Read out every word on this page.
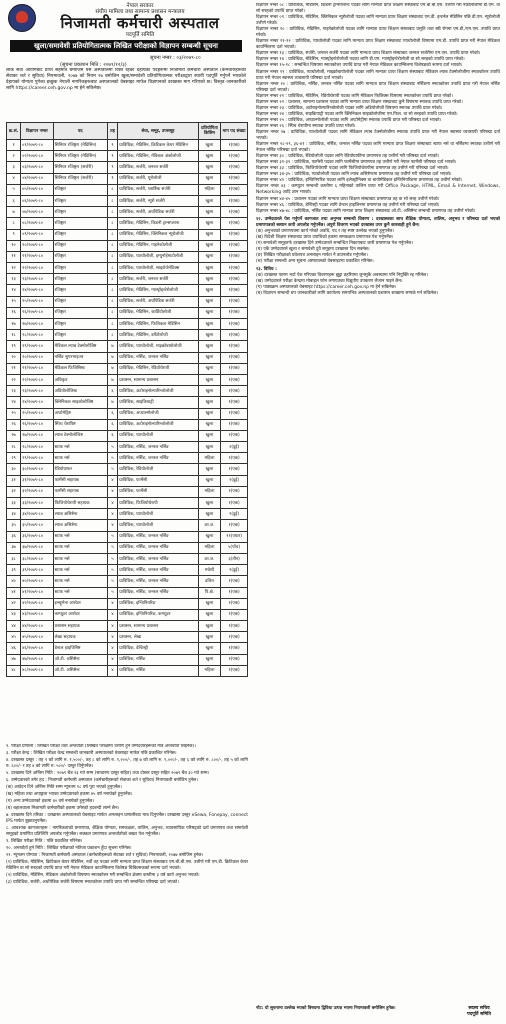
नेपाल सरकार
संघीय मामिला तथा सामान्य प्रशासन मन्त्रालय
निजामती कर्मचारी अस्पताल
पदपूर्ति समिति
खुला/समावेशी प्रतियोगितात्मक लिखित परीक्षाको विज्ञापन सम्बन्धी सूचना
सूचना नम्बर : ०३/२०७९-८०
(सूचना प्रकाशन मिति : २०७९/१२/३)
लोक सेवा आयोगबाट प्राप्त सहमति बमोजिम यस अस्पतालमा रिक्त रहेका देहायका पदहरूमा निजामती कर्मचारी अस्पताल (कर्मचारीहरूको सेवाका शर्त र सुविधा) नियमावली, २०७७ को नियम १७ बमोजिम खुला/समावेशी प्रतियोगितात्मक परीक्षाद्वारा स्थायी पदपूर्ति गर्नुपर्ने भएकोले देहायको योग्यता पुगेका इच्छुक नेपाली नागरिकहरूबाट अस्पतालको वेबसाइट मार्फत विज्ञापनको दरखास्त माग गरिएको छ। विस्तृत जानकारीको लागि https://career.ceh.gov.np मा हेर्न सकिनेछ।
क्र.सं.	विज्ञापन नम्बर	पद	तह	सेवा, समूह, उपसमूह	प्रतियोगिता किसिम	माग पद संख्या
१	०१/२०७९-८०	सिनियर रजिष्ट्रार (मेडिसिन)	९	प्राविधिक, मेडिसिन, क्रिटिकल केयर मेडिसिन	खुला	१(एक)
२	०२/२०७९-८०	सिनियर रजिष्ट्रार (मेडिसिन)	९	प्राविधिक, मेडिसिन, मेडिकल अंकोलोजी	खुला	१(एक)
३	०३/२०७९-८०	सिनियर रजिष्ट्रार (सर्जरी)	९	प्राविधिक, सर्जरी, जनरल सर्जरी	खुला	१(एक)
४	०४/२०७९-८०	सिनियर रजिष्ट्रार (सर्जरी)	९	प्राविधिक, सर्जरी, यूरोलोजी	खुला	१(एक)
५	०५/२०७९-८०	रजिष्ट्रार	८	प्राविधिक, सर्जरी, प्लाष्टिक सर्जरी	महिला	१(एक)
६	०६/२०७९-८०	रजिष्ट्रार	८	प्राविधिक, सर्जरी, न्यूरो सर्जरी	खुला	१(एक)
७	०७/२०७९-८०	रजिष्ट्रार	८	प्राविधिक, सर्जरी, अर्थोपेडिक सर्जरी	खुला	१(एक)
८	०८/२०७९-८०	रजिष्ट्रार	८	प्राविधिक, मेडिसिन, किडनी ट्रान्सप्लान्ट	खुला	१(एक)
९	०९/२०७९-८०	रजिष्ट्रार	८	प्राविधिक, मेडिसिन, क्लिनिकल न्युरोलोजी	खुला	१(एक)
१०	१०/२०७९-८०	रजिष्ट्रार	८	प्राविधिक, मेडिसिन, गाइनेकोलोजी	खुला	१(एक)
११	११/२०७९-८०	रजिष्ट्रार	८	प्राविधिक, प्याथोलोजी, इम्युनोहेमाटोलोजी	खुला	१(एक)
१२	१२/२०७९-८०	रजिष्ट्रार	८	प्राविधिक, प्याथोलोजी, साइटोजेनेटिक्स	खुला	१(एक)
१३	१३/२०७९-८०	रजिष्ट्रार	८	प्राविधिक, सर्जरी, जनरल सर्जरी	खुला	१(एक)
१४	१४/२०७९-८०	रजिष्ट्रार	८	प्राविधिक, मेडिसिन, ग्यास्ट्रोइन्टेरोलोजी	खुला	१(एक)
१५	१५/२०७९-८०	रजिष्ट्रार	८	प्राविधिक, सर्जरी, अर्थोपेडिक सर्जरी	खुला	१(एक)
१६	१६/२०७९-८०	रजिष्ट्रार	८	प्राविधिक, मेडिसिन, कार्डियोलोजी	खुला	१(एक)
१७	१७/२०७९-८०	रजिष्ट्रार	८	प्राविधिक, मेडिसिन, फिजिकल मेडिसिन	खुला	१(एक)
१८	१८/२०७९-८०	रजिष्ट्रार	८	प्राविधिक, मेडिसिन, डर्मेटोलोजी	खुला	१(एक)
१९	१९/२०७९-८०	मेडिकल ल्याब टेक्नोलोजिष्ट	७	प्राविधिक, प्याथोलोजी, माइक्रोबायोलोजी	खुला	१(एक)
२०	२०/२०७९-८०	नर्सिङ सुपरभाइजर	७	प्राविधिक, नर्सिङ, जनरल नर्सिङ	खुला	१(एक)
२१	२१/२०७९-८०	मेडिकल फिजिसिस्ट	७	प्राविधिक, मेडिसिन, रेडियोथेरापी	खुला	१(एक)
२२	२२/२०७९-८०	अधिकृत	७	प्रशासन, सामान्य प्रशासन	खुला	१(एक)
२३	२३/२०७९-८०	अडियोलोजिस्ट	६	प्राविधिक, अटोराइनोल्यारिन्जोलोजी	खुला	१(एक)
२४	२४/२०७९-८०	क्लिनिकल साइकोलोजिष्ट	७	प्राविधिक, साइकियाट्री	खुला	१(एक)
२५	२५/२०७९-८०	अप्टोमेट्रिष्ट	६	प्राविधिक, अप्थाल्मोलोजी	खुला	१(एक)
२६	२६/२०७९-८०	स्पिच थेरापिष्ट	६	प्राविधिक, अटोराइनोल्यारिन्जोलोजी	खुला	१(एक)
२७	२७/२०७९-८०	ल्याब टेक्नोलोजिष्ट	६	प्राविधिक, प्याथोलोजी	खुला	१(एक)
२८	२८/२०७९-८०	स्टाफ नर्स	५	प्राविधिक, नर्सिङ, जनरल नर्सिङ	खुला	२(दुई)
२९	२९/२०७९-८०	स्टाफ नर्स	५	प्राविधिक, नर्सिङ, जनरल नर्सिङ	महिला	१(एक)
३०	३०/२०७९-८०	रेडियोग्राफर	५	प्राविधिक, रेडियोलोजी	खुला	१(एक)
३१	३१/२०७९-८०	फार्मेसी सहायक	४	प्राविधिक, फार्मेसी	खुला	२(दुई)
३२	३२/२०७९-८०	फार्मेसी सहायक	४	प्राविधिक, फार्मेसी	महिला	१(एक)
३३	३३/२०७९-८०	फिजियोथेरापी सहायक	४	प्राविधिक, फिजियोथेरापी	खुला	१(एक)
३४	३४/२०७९-८०	ल्याब असिष्टेन्ट	४	प्राविधिक, प्याथोलोजी	खुला	२(दुई)
३५	३५/२०७९-८०	ल्याब असिष्टेन्ट	४	प्राविधिक, प्याथोलोजी	आ.ज.	१(एक)
३६	३६/२०७९-८०	स्टाफ नर्स	५	प्राविधिक, नर्सिङ, जनरल नर्सिङ	खुला	११(एघार)
३७	३७/२०७९-८०	स्टाफ नर्स	५	प्राविधिक, नर्सिङ, जनरल नर्सिङ	महिला	५(पाँच)
३८	३८/२०७९-८०	स्टाफ नर्स	५	प्राविधिक, नर्सिङ, जनरल नर्सिङ	आ.ज.	३(तीन)
३९	३९/२०७९-८०	स्टाफ नर्स	५	प्राविधिक, नर्सिङ, जनरल नर्सिङ	मधेशी	२(दुई)
४०	४०/२०७९-८०	स्टाफ नर्स	५	प्राविधिक, नर्सिङ, जनरल नर्सिङ	दलित	१(एक)
४१	४१/२०७९-८०	स्टाफ नर्स	५	प्राविधिक, नर्सिङ, जनरल नर्सिङ	पि.क्षे.	१(एक)
४२	४२/२०७९-८०	इन्स्ट्रुमेन्ट अपरेटर	४	प्राविधिक, इन्जिनियरिङ	खुला	१(एक)
४३	४३/२०७९-८०	कम्प्युटर अपरेटर	४	प्राविधिक, इन्जिनियरिङ, कम्प्युटर	खुला	१(एक)
४४	४४/२०७९-८०	प्रशासन सहायक	४	प्रशासन, सामान्य प्रशासन	खुला	१(एक)
४५	४५/२०७९-८०	लेखा सहायक	४	प्रशासन, लेखा	खुला	१(एक)
४६	४६/२०७९-८०	डेन्टल हाइजिनिष्ट	४	प्राविधिक, डेन्टिस्ट्री	खुला	१(एक)
४७	४७/२०७९-८०	ओ.टी. असिष्टेन्ट	४	प्राविधिक, नर्सिङ	खुला	१(एक)
४८	४८/२०७९-८०	ओ.टी. असिष्टेन्ट	४	प्राविधिक, नर्सिङ	महिला	१(एक)

२. परीक्षा प्रणाली : लिखित परीक्षा तथा अन्तर्वार्ता (लिखित परीक्षामा उत्तीर्ण हुने उम्मेदवारहरूको मात्र अन्तर्वार्ता लिइनेछ)।

३. परीक्षा केन्द्र : लिखित परीक्षा केन्द्र सम्बन्धी जानकारी अस्पतालको वेबसाइट मार्फत पछि प्रकाशित गरिनेछ।

४. दरखास्त दस्तुर : तह ९ को लागि रु. १,५००/-, तह ८ को लागि रु. १,२००/-, तह ७ को लागि रु. १,०००/-, तह ६ को लागि रु. ८००/-, तह ५ को लागि रु. ६००/- र तह ४ को लागि रु. ५००/- दस्तुर तिर्नुपर्नेछ।

५. दरखास्त दिने अन्तिम मिति : २०७९ चैत्र २३ गते सम्म (साधारण दस्तुर सहित) तथा दोब्बर दस्तुर सहित २०७९ चैत्र ३० गते सम्म।

६. उम्मेदवारको उमेर हद : निजामती कर्मचारी अस्पताल (कर्मचारीहरूको सेवाका शर्त र सुविधा) नियमावली बमोजिम हुनेछ।

(क) आवेदन दिने अन्तिम मिति सम्म न्यूनतम १८ वर्ष पूरा भएको हुनुपर्नेछ।

(ख) महिला तथा अपाङ्गता भएका उम्मेदवारको हकमा ४५ वर्ष ननाघेको हुनुपर्नेछ।

(ग) अन्य उम्मेदवारको हकमा ४० वर्ष ननाघेको हुनुपर्नेछ।

(घ) बहालवाला निजामती कर्मचारीको हकमा उमेरको हदबन्दी लाग्ने छैन।

७. दरखास्त दिने तरिका : दरखास्त अस्पतालको वेबसाइट मार्फत अनलाइन प्रणालीबाट मात्र दिनुपर्नेछ। दरखास्त दस्तुर eSewa, Fonepay, connect IPS मार्फत बुझाउनुपर्नेछ।

८. आवश्यक कागजातहरू : नागरिकताको प्रमाणपत्र, शैक्षिक योग्यता, समकक्षता, तालिम, अनुभव, व्यावसायिक परिषद्को दर्ता प्रमाणपत्र तथा समावेशी समूहको प्रमाणित प्रतिलिपि अपलोड गर्नुपर्नेछ। सक्कल प्रमाणपत्र अन्तर्वार्ताको बखत पेश गर्नुपर्नेछ।

९. लिखित परीक्षा मिति : पछि प्रकाशित गरिनेछ।

१०. अन्तर्वार्ता हुने मिति : लिखित परीक्षाको नतिजा प्रकाशन हुँदा सूचना गरिनेछ।

११. न्यूनतम योग्यता : निजामती कर्मचारी अस्पताल (कर्मचारीहरूको सेवाका शर्त र सुविधा) नियमावली, २०७७ बमोजिम हुनेछ।

(१) प्राविधिक, मेडिसिन, क्रिटिकल केयर मेडिसिन, नवौं तह पदका लागि मान्यता प्राप्त शिक्षण संस्थाबाट एम.बी.बी.एस. उत्तीर्ण गरी एम.डी. क्रिटिकल केयर मेडिसिन वा सो सरहको उपाधि प्राप्त गरी नेपाल मेडिकल काउन्सिलमा विशेषज्ञ चिकित्सकको रूपमा दर्ता भएको।

(२) प्राविधिक, मेडिसिन, मेडिकल अंकोलोजी विषयमा स्नातकोत्तर गरी सम्बन्धित क्षेत्रमा कम्तीमा ३ वर्ष कार्य अनुभव भएको।

(३) प्राविधिक, सर्जरी, अर्थोपेडिक सर्जरी विषयमा स्नातकोत्तर उपाधि प्राप्त गरी सम्बन्धित परिषद्मा दर्ता भएको।

विज्ञापन नम्बर ०८ : प्राविधिक, मेडिसिन, किडनी ट्रान्सप्लान्ट पदका लागि मान्यता प्राप्त शिक्षण संस्थाबाट एम.बी.बी.एस. उत्तीर्ण गरी नेफ्रोलोजीमा डी.एम. वा सो सरहको उपाधि प्राप्त गरेको।

विज्ञापन नम्बर ०९ : प्राविधिक, मेडिसिन, क्लिनिकल न्युरोलोजी पदका लागि मान्यता प्राप्त शिक्षण संस्थाबाट एम.डी. इन्टर्नल मेडिसिन पछि डी.एम. न्युरोलोजी उत्तीर्ण गरेको।

विज्ञापन नम्बर १० : प्राविधिक, मेडिसिन, गाइनेकोलोजी पदका लागि मान्यता प्राप्त शिक्षण संस्थाबाट प्रसूति तथा स्त्री रोगमा एम.डी./एम.एस. उपाधि प्राप्त गरेको।

विज्ञापन नम्बर ११-१२ : प्राविधिक, प्याथोलोजी पदका लागि मान्यता प्राप्त शिक्षण संस्थाबाट प्याथोलोजी विषयमा एम.डी. उपाधि प्राप्त गरी नेपाल मेडिकल काउन्सिलमा दर्ता भएको।

विज्ञापन नम्बर १३ : प्राविधिक, सर्जरी, जनरल सर्जरी पदका लागि मान्यता प्राप्त शिक्षण संस्थाबाट जनरल सर्जरीमा एम.एस. उपाधि प्राप्त गरेको।

विज्ञापन नम्बर १४ : प्राविधिक, मेडिसिन, ग्यास्ट्रोइन्टेरोलोजी पदका लागि डी.एम. ग्यास्ट्रोइन्टेरोलोजी वा सो सरहको उपाधि प्राप्त गरेको।

विज्ञापन नम्बर १५-१८ : सम्बन्धित विषयमा स्नातकोत्तर उपाधि प्राप्त गरी नेपाल मेडिकल काउन्सिलमा विशेषज्ञको रूपमा दर्ता भएको।

विज्ञापन नम्बर १९ : प्राविधिक, प्याथोलोजी, माइक्रोबायोलोजी पदका लागि मान्यता प्राप्त शिक्षण संस्थाबाट मेडिकल ल्याब टेक्नोलोजीमा स्नातकोत्तर उपाधि प्राप्त गरी नेपाल स्वास्थ्य व्यवसायी परिषद्मा दर्ता भएको।

विज्ञापन नम्बर २० : प्राविधिक, नर्सिङ, जनरल नर्सिङ पदका लागि मान्यता प्राप्त शिक्षण संस्थाबाट नर्सिङमा स्नातकोत्तर उपाधि प्राप्त गरी नेपाल नर्सिङ परिषद्मा दर्ता भएको।

विज्ञापन नम्बर २१ : प्राविधिक, मेडिसिन, रेडियोथेरापी पदका लागि मेडिकल फिजिक्स विषयमा स्नातकोत्तर उपाधि प्राप्त गरेको।

विज्ञापन नम्बर २२ : प्रशासन, सामान्य प्रशासन पदका लागि मान्यता प्राप्त शिक्षण संस्थाबाट कुनै विषयमा स्नातक उपाधि प्राप्त गरेको।

विज्ञापन नम्बर २३ : प्राविधिक, अटोराइनोल्यारिन्जोलोजी पदका लागि अडियोलोजी विषयमा स्नातक उपाधि प्राप्त गरेको।

विज्ञापन नम्बर २४ : प्राविधिक, साइकियाट्री पदका लागि क्लिनिकल साइकोलोजीमा एम.फिल. वा सो सरहको उपाधि प्राप्त गरेको।

विज्ञापन नम्बर २५ : प्राविधिक, अप्थाल्मोलोजी पदका लागि अप्टोमेट्रीमा स्नातक उपाधि प्राप्त गरी परिषद्मा दर्ता भएको।

विज्ञापन नम्बर २६ : स्पिच थेरापीमा स्नातक उपाधि प्राप्त गरेको।

विज्ञापन नम्बर २७ : प्राविधिक, प्याथोलोजी पदका लागि मेडिकल ल्याब टेक्नोलोजीमा स्नातक उपाधि प्राप्त गरी नेपाल स्वास्थ्य व्यवसायी परिषद्मा दर्ता भएको।

विज्ञापन नम्बर २८-२९, ३६-४१ : प्राविधिक, नर्सिङ, जनरल नर्सिङ पदका लागि मान्यता प्राप्त शिक्षण संस्थाबाट स्टाफ नर्स वा नर्सिङमा स्नातक उत्तीर्ण गरी नेपाल नर्सिङ परिषद्मा दर्ता भएको।

विज्ञापन नम्बर ३० : प्राविधिक, रेडियोलोजी पदका लागि रेडियोग्राफीमा प्रमाणपत्र तह उत्तीर्ण गरी परिषद्मा दर्ता भएको।

विज्ञापन नम्बर ३१-३२ : प्राविधिक, फार्मेसी पदका लागि फार्मेसीमा प्रमाणपत्र तह उत्तीर्ण गरी नेपाल फार्मेसी परिषद्मा दर्ता भएको।

विज्ञापन नम्बर ३३ : प्राविधिक, फिजियोथेरापी पदका लागि फिजियोथेरापीमा प्रमाणपत्र तह उत्तीर्ण गरी परिषद्मा दर्ता भएको।

विज्ञापन नम्बर ३४-३५ : प्राविधिक, प्याथोलोजी पदका लागि ल्याब असिष्टेन्टमा प्रमाणपत्र तह उत्तीर्ण गरी परिषद्मा दर्ता भएको।

विज्ञापन नम्बर ४२ : प्राविधिक, इन्जिनियरिङ पदका लागि इलेक्ट्रोनिक्स वा बायोमेडिकल इन्जिनियरिङमा प्रमाणपत्र तह उत्तीर्ण गरेको।

विज्ञापन नम्बर ४३ : कम्प्युटर सम्बन्धी कम्तीमा ६ महिनाको तालिम प्राप्त गरी Office Package, HTML, Email & Internet, Windows, Networking आदि ज्ञान भएको।

विज्ञापन नम्बर ४४-४५ : प्रशासन पदका लागि मान्यता प्राप्त शिक्षण संस्थाबाट प्रमाणपत्र तह वा सो सरह उत्तीर्ण गरेको।

विज्ञापन नम्बर ४६ : प्राविधिक, डेन्टिस्ट्री पदका लागि डेन्टल हाइजिनमा प्रमाणपत्र तह उत्तीर्ण गरी परिषद्मा दर्ता भएको।

विज्ञापन नम्बर ४७-४८ : प्राविधिक, नर्सिङ पदका लागि मान्यता प्राप्त शिक्षण संस्थाबाट ओ.टी. असिष्टेन्ट सम्बन्धी प्रमाणपत्र तह उत्तीर्ण गरेको।

१२. उम्मेदवारले पेश गर्नुपर्ने कागजात तथा अनुभव सम्बन्धी विवरण : दरखास्तका साथ शैक्षिक योग्यता, तालिम, अनुभव र परिषद्मा दर्ता भएको प्रमाणपत्रको स्क्यान कपी अपलोड गर्नुपर्नेछ। अपुरो विवरण भएको दरखास्त उपर कुनै कारबाही हुने छैन।

(क) अनुभवको प्रमाणपत्रमा कार्य गरेको अवधि, पद र तह स्पष्ट उल्लेख भएको हुनुपर्नेछ।

(ख) विदेशी शिक्षण संस्थाबाट प्राप्त उपाधिको हकमा समकक्षता प्रमाणपत्र पेश गर्नुपर्नेछ।

(ग) समावेशी समूहतर्फ दरखास्त दिने उम्मेदवारले सम्बन्धित निकायबाट जारी प्रमाणपत्र पेश गर्नुपर्नेछ।

(घ) एकै उम्मेदवारले खुला र समावेशी दुवै समूहमा दरखास्त दिन सक्नेछ।

(ङ) लिखित परीक्षाको प्रवेशपत्र अनलाइन मार्फत नै डाउनलोड गर्नुपर्नेछ।

(च) परीक्षा सम्बन्धी अन्य सूचना अस्पतालको वेबसाइटमा प्रकाशित गरिनेछ।

१३. विविध :

(क) दरखास्त फारम भर्दा पेश गरिएका विवरणहरू झुट्टा ठहरिएमा जुनसुकै अवस्थामा पनि नियुक्ति रद्द गरिनेछ।

(ख) उम्मेदवारले परीक्षा केन्द्रमा मोबाइल फोन लगायतका विद्युतीय उपकरण लैजान पाइने छैन।

(ग) पाठ्यक्रम अस्पतालको वेबसाइट https://career.ceh.gov.np मा हेर्न सकिनेछ।

(घ) विज्ञापन सम्बन्धी थप जानकारीको लागि कार्यालय समयभित्र अस्पतालको प्रशासन शाखामा सम्पर्क गर्न सकिनेछ।

नोट: यो सूचनामा उल्लेख भएको विषयमा द्विविधा उत्पन्न भएमा नियमावली बमोजिम हुनेछ।	सदस्य सचिव
पदपूर्ति समिति
